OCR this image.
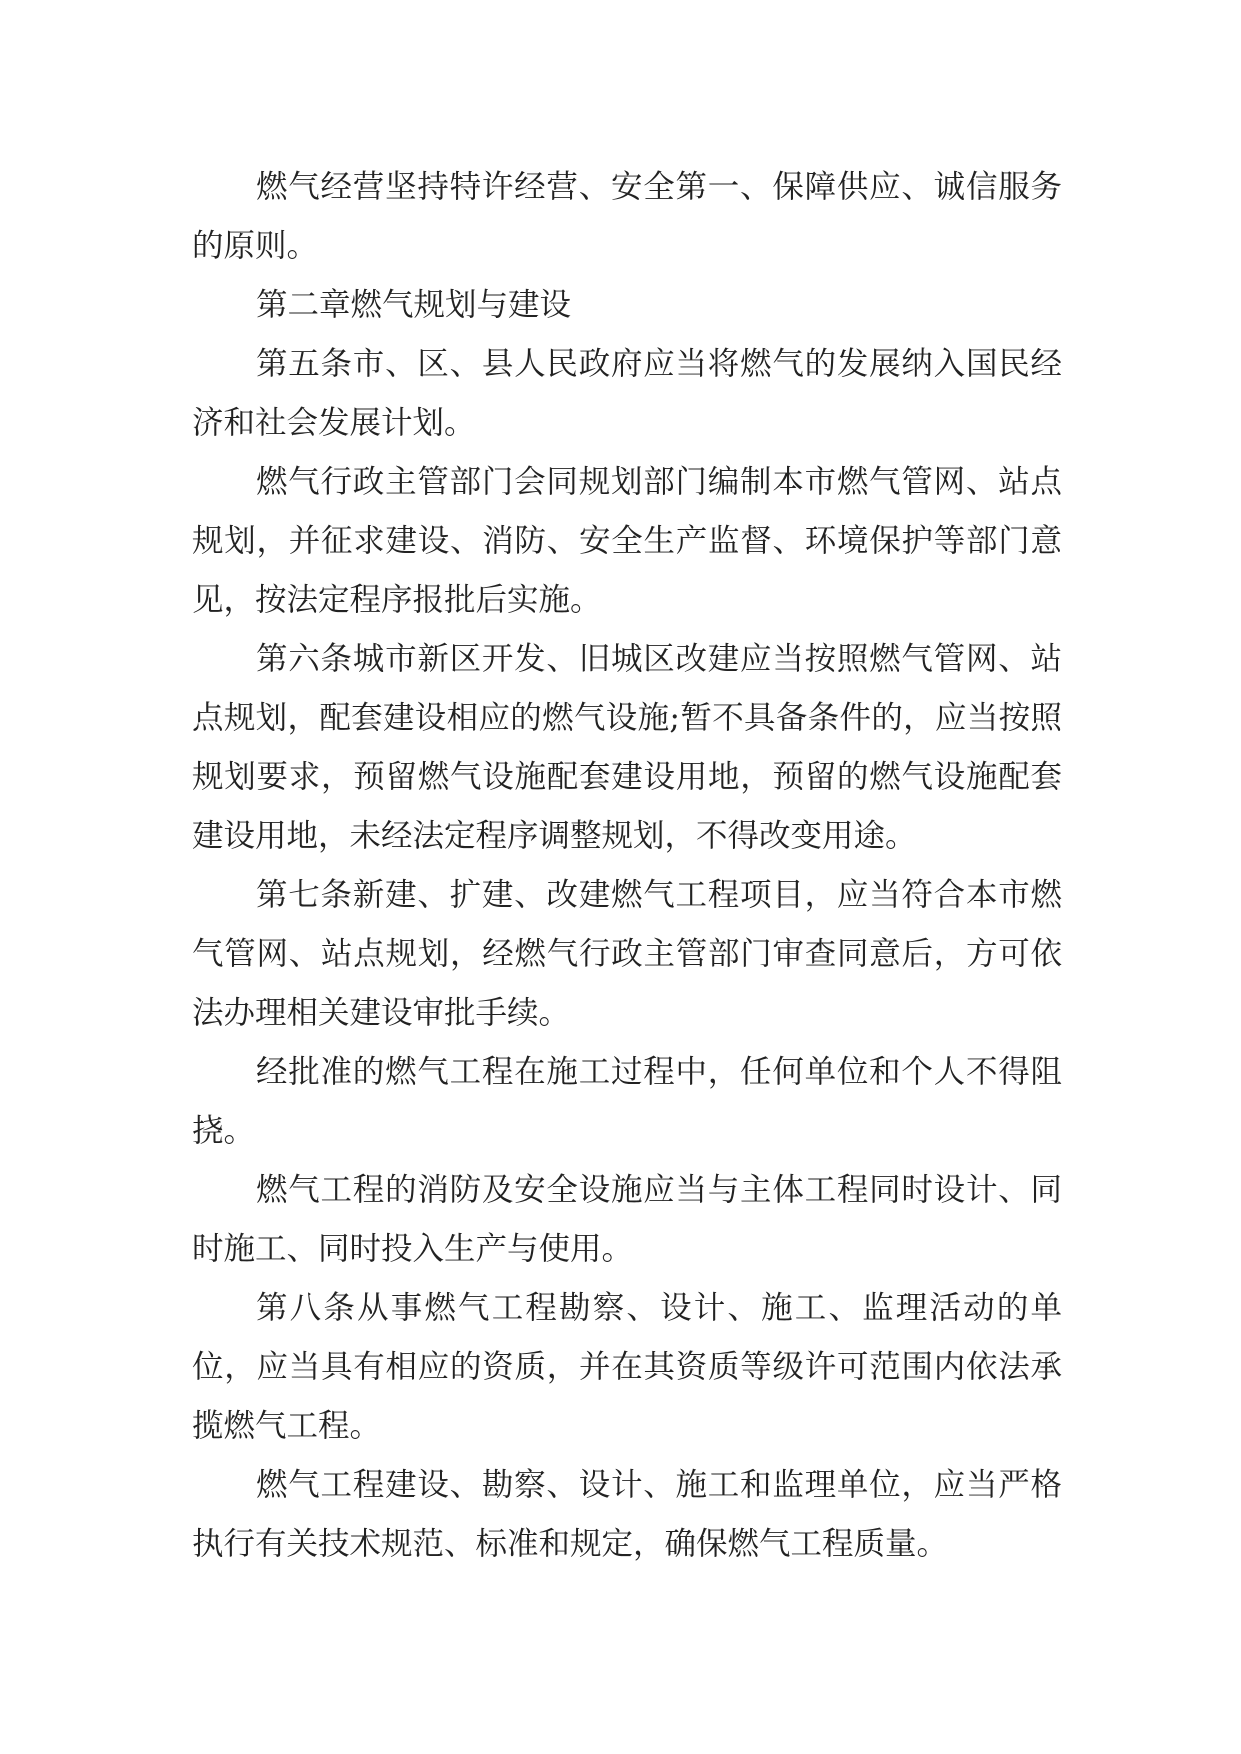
燃气经营坚持特许经营、安全第一、保障供应、诚信服务的原则。

第二章燃气规划与建设

第五条市、区、县人民政府应当将燃气的发展纳入国民经济和社会发展计划。

燃气行政主管部门会同规划部门编制本市燃气管网、站点规划，并征求建设、消防、安全生产监督、环境保护等部门意见，按法定程序报批后实施。

第六条城市新区开发、旧城区改建应当按照燃气管网、站点规划，配套建设相应的燃气设施;暂不具备条件的，应当按照规划要求，预留燃气设施配套建设用地，预留的燃气设施配套建设用地，未经法定程序调整规划，不得改变用途。

第七条新建、扩建、改建燃气工程项目，应当符合本市燃气管网、站点规划，经燃气行政主管部门审查同意后，方可依法办理相关建设审批手续。

经批准的燃气工程在施工过程中，任何单位和个人不得阻挠。

燃气工程的消防及安全设施应当与主体工程同时设计、同时施工、同时投入生产与使用。

第八条从事燃气工程勘察、设计、施工、监理活动的单位，应当具有相应的资质，并在其资质等级许可范围内依法承揽燃气工程。

燃气工程建设、勘察、设计、施工和监理单位，应当严格执行有关技术规范、标准和规定，确保燃气工程质量。
